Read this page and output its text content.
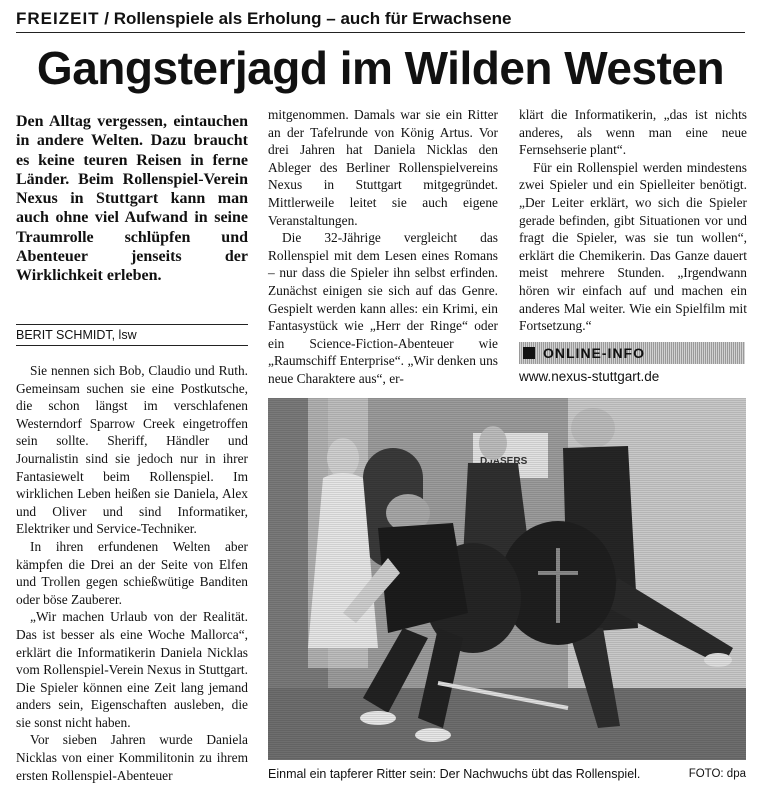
FREIZEIT / Rollenspiele als Erholung – auch für Erwachsene
Gangsterjagd im Wilden Westen
Den Alltag vergessen, eintauchen in andere Welten. Dazu braucht es keine teuren Reisen in ferne Länder. Beim Rollenspiel-Verein Nexus in Stuttgart kann man auch ohne viel Aufwand in seine Traumrolle schlüpfen und Abenteuer jenseits der Wirklichkeit erleben.
BERIT SCHMIDT, lsw

Sie nennen sich Bob, Claudio und Ruth. Gemeinsam suchen sie eine Postkutsche, die schon längst im verschlafenen Westerndorf Sparrow Creek eingetroffen sein sollte. Sheriff, Händler und Journalistin sind sie jedoch nur in ihrer Fantasiewelt beim Rollenspiel. Im wirklichen Leben heißen sie Daniela, Alex und Oliver und sind Informatiker, Elektriker und Service-Techniker.

In ihren erfundenen Welten aber kämpfen die Drei an der Seite von Elfen und Trollen gegen schießwütige Banditen oder böse Zauberer.

„Wir machen Urlaub von der Realität. Das ist besser als eine Woche Mallorca“, erklärt die Informatikerin Daniela Nicklas vom Rollenspiel-Verein Nexus in Stuttgart. Die Spieler können eine Zeit lang jemand anders sein, Eigenschaften ausleben, die sie sonst nicht haben.

Vor sieben Jahren wurde Daniela Nicklas von einer Kommilitonin zu ihrem ersten Rollenspiel-Abenteuer

mitgenommen. Damals war sie ein Ritter an der Tafelrunde von König Artus. Vor drei Jahren hat Daniela Nicklas den Ableger des Berliner Rollenspielvereins Nexus in Stuttgart mitgegründet. Mittlerweile leitet sie auch eigene Veranstaltungen.

Die 32-Jährige vergleicht das Rollenspiel mit dem Lesen eines Romans – nur dass die Spieler ihn selbst erfinden. Zunächst einigen sie sich auf das Genre. Gespielt werden kann alles: ein Krimi, ein Fantasystück wie „Herr der Ringe“ oder ein Science-Fiction-Abenteuer wie „Raumschiff Enterprise“. „Wir denken uns neue Charaktere aus“, er-

klärt die Informatikerin, „das ist nichts anderes, als wenn man eine neue Fernsehserie plant“.

Für ein Rollenspiel werden mindestens zwei Spieler und ein Spielleiter benötigt. „Der Leiter erklärt, wo sich die Spieler gerade befinden, gibt Situationen vor und fragt die Spieler, was sie tun wollen“, erklärt die Chemikerin. Das Ganze dauert meist mehrere Stunden. „Irgendwann hören wir einfach auf und machen ein anderes Mal weiter. Wie ein Spielfilm mit Fortsetzung.“

ONLINE-INFO
www.nexus-stuttgart.de
Einmal ein tapferer Ritter sein: Der Nachwuchs übt das Rollenspiel.	FOTO: dpa
